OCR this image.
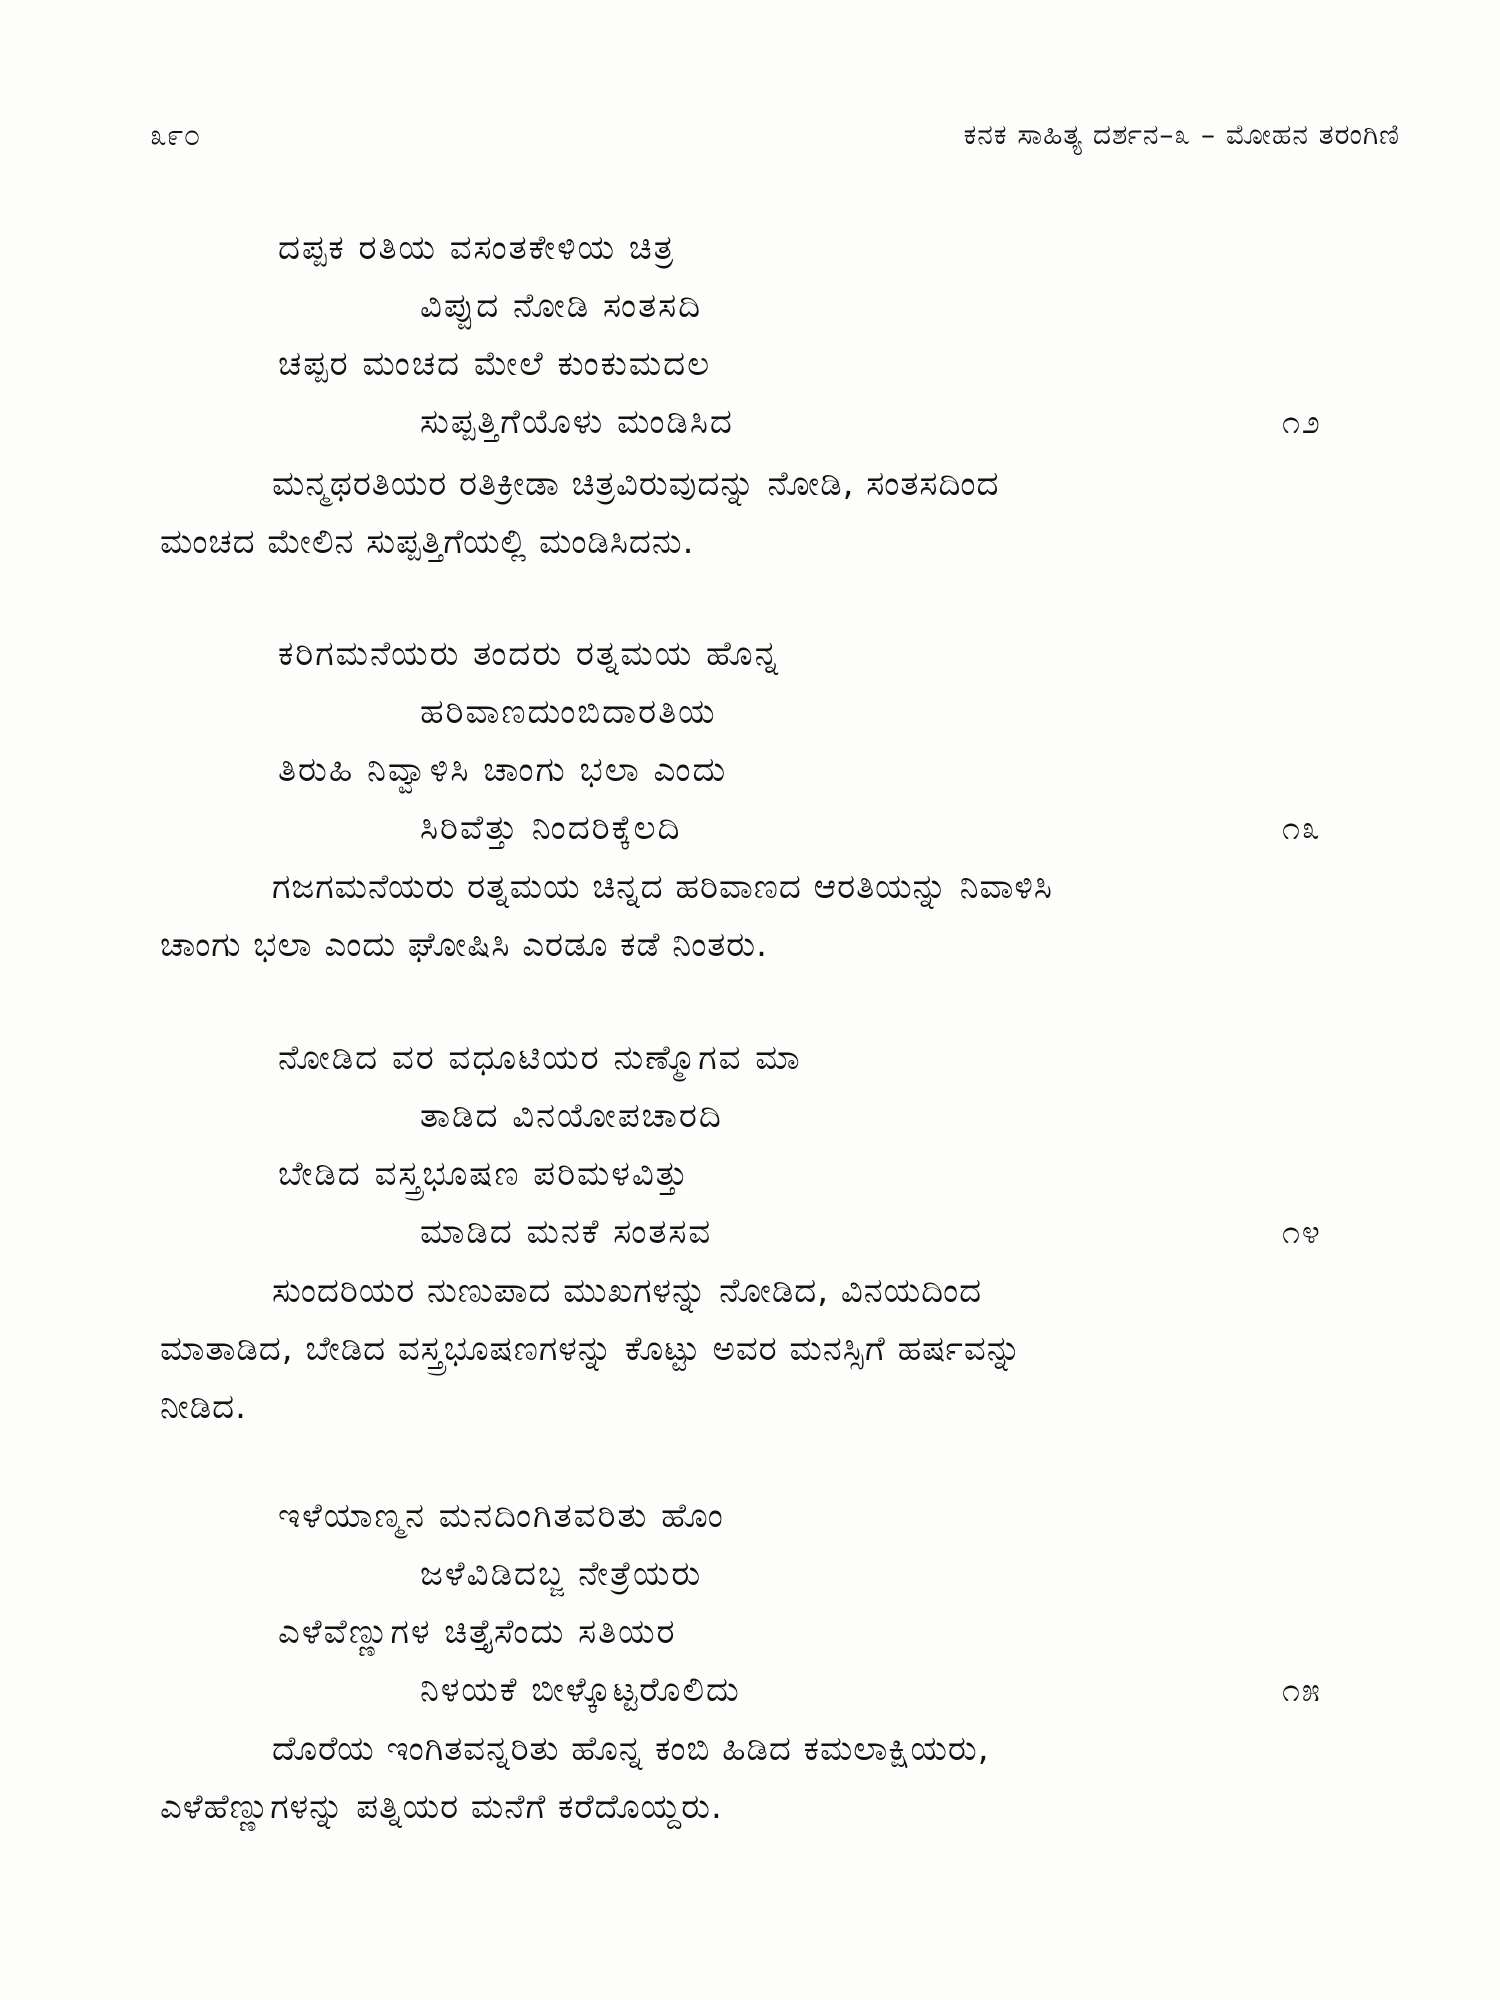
೩೯೦	ಕನಕ ಸಾಹಿತ್ಯ ದರ್ಶನ–೩ – ಮೋಹನ ತರಂಗಿಣಿ
ದಪ್ಪಕ ರತಿಯ ವಸಂತಕೇಳಿಯ ಚಿತ್ರ
ವಿಪ್ಪುದ ನೋಡಿ ಸಂತಸದಿ
ಚಪ್ಪರ ಮಂಚದ ಮೇಲೆ ಕುಂಕುಮದಲ
ಸುಪ್ಪತ್ತಿಗೆಯೊಳು ಮಂಡಿಸಿದ	೧೨
ಮನ್ಮಥರತಿಯರ ರತಿಕ್ರೀಡಾ ಚಿತ್ರವಿರುವುದನ್ನು ನೋಡಿ, ಸಂತಸದಿಂದ
ಮಂಚದ ಮೇಲಿನ ಸುಪ್ಪತ್ತಿಗೆಯಲ್ಲಿ ಮಂಡಿಸಿದನು.
ಕರಿಗಮನೆಯರು ತಂದರು ರತ್ನಮಯ ಹೊನ್ನ
ಹರಿವಾಣದುಂಬಿದಾರತಿಯ
ತಿರುಹಿ ನಿವ್ವಾಳಿಸಿ ಚಾಂಗು ಭಲಾ ಎಂದು
ಸಿರಿವೆತ್ತು ನಿಂದರಿಕ್ಕೆಲದಿ	೧೩
ಗಜಗಮನೆಯರು ರತ್ನಮಯ ಚಿನ್ನದ ಹರಿವಾಣದ ಆರತಿಯನ್ನು ನಿವಾಳಿಸಿ
ಚಾಂಗು ಭಲಾ ಎಂದು ಘೋಷಿಸಿ ಎರಡೂ ಕಡೆ ನಿಂತರು.
ನೋಡಿದ ವರ ವಧೂಟಿಯರ ನುಣ್ಮೊಗವ ಮಾ
ತಾಡಿದ ವಿನಯೋಪಚಾರದಿ
ಬೇಡಿದ ವಸ್ತ್ರಭೂಷಣ ಪರಿಮಳವಿತ್ತು
ಮಾಡಿದ ಮನಕೆ ಸಂತಸವ	೧೪
ಸುಂದರಿಯರ ನುಣುಪಾದ ಮುಖಗಳನ್ನು ನೋಡಿದ, ವಿನಯದಿಂದ
ಮಾತಾಡಿದ, ಬೇಡಿದ ವಸ್ತ್ರಭೂಷಣಗಳನ್ನು ಕೊಟ್ಟು ಅವರ ಮನಸ್ಸಿಗೆ ಹರ್ಷವನ್ನು
ನೀಡಿದ.
ಇಳೆಯಾಣ್ಮನ ಮನದಿಂಗಿತವರಿತು ಹೊಂ
ಜಳೆವಿಡಿದಬ್ಜ ನೇತ್ರೆಯರು
ಎಳೆವೆಣ್ಣುಗಳ ಚಿತ್ತೈಸೆಂದು ಸತಿಯರ
ನಿಳಯಕೆ ಬೀಳ್ಕೊಟ್ಟರೊಲಿದು	೧೫
ದೊರೆಯ ಇಂಗಿತವನ್ನರಿತು ಹೊನ್ನ ಕಂಬಿ ಹಿಡಿದ ಕಮಲಾಕ್ಷಿಯರು,
ಎಳೆಹೆಣ್ಣುಗಳನ್ನು ಪತ್ನಿಯರ ಮನೆಗೆ ಕರೆದೊಯ್ದರು.
